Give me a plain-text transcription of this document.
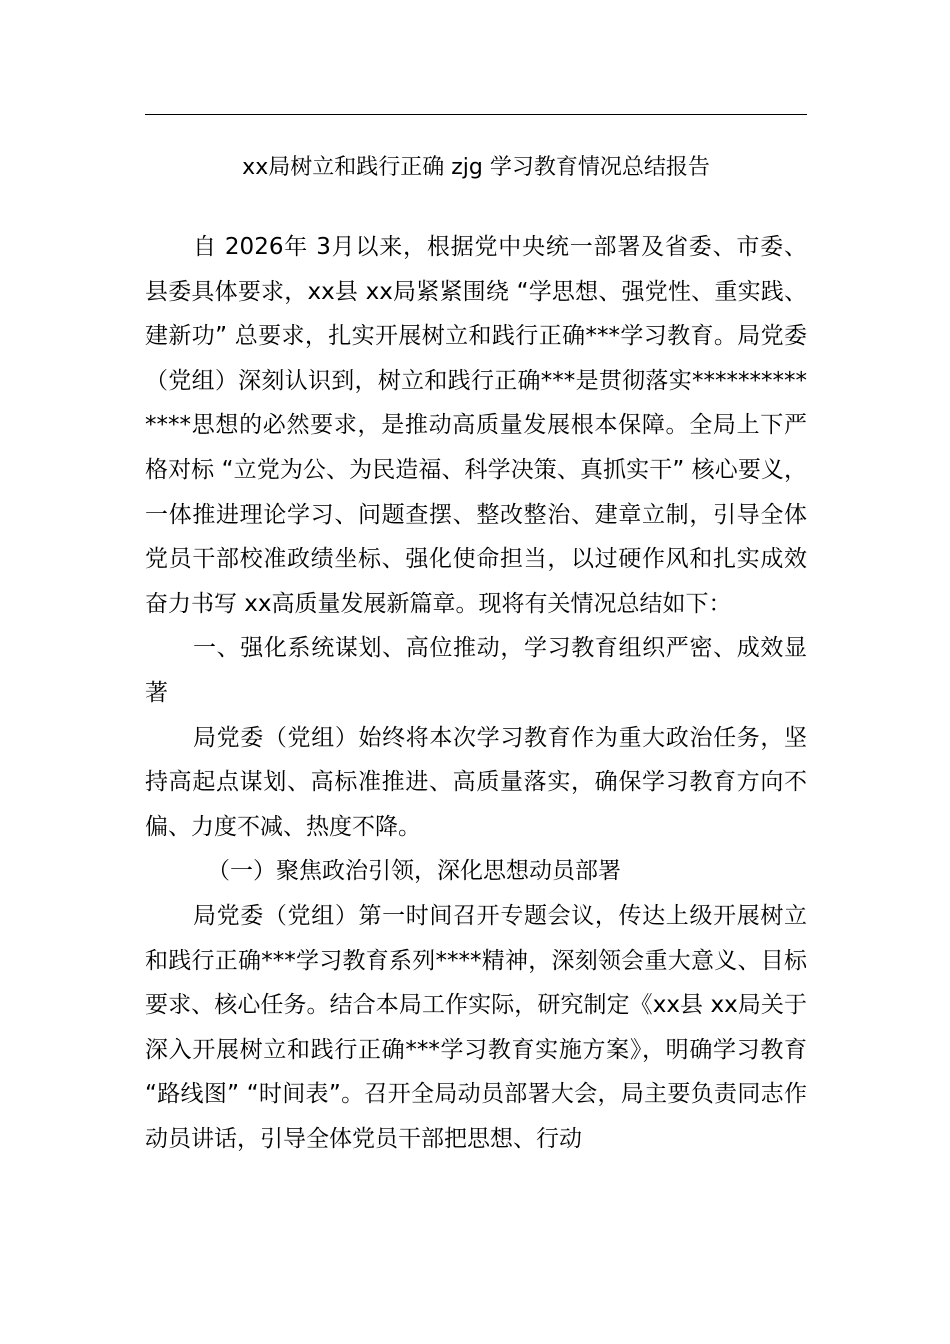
xx局树立和践行正确 zjg 学习教育情况总结报告

自 2026年 3月以来，根据党中央统一部署及省委、市委、县委具体要求，xx县 xx局紧紧围绕 “学思想、强党性、重实践、建新功” 总要求，扎实开展树立和践行正确***学习教育。局党委（党组）深刻认识到，树立和践行正确***是贯彻落实**************思想的必然要求，是推动高质量发展根本保障。全局上下严格对标 “立党为公、为民造福、科学决策、真抓实干” 核心要义，一体推进理论学习、问题查摆、整改整治、建章立制，引导全体党员干部校准政绩坐标、强化使命担当，以过硬作风和扎实成效奋力书写 xx高质量发展新篇章。现将有关情况总结如下：

一、强化系统谋划、高位推动，学习教育组织严密、成效显著

局党委（党组）始终将本次学习教育作为重大政治任务，坚持高起点谋划、高标准推进、高质量落实，确保学习教育方向不偏、力度不减、热度不降。

（一）聚焦政治引领，深化思想动员部署

局党委（党组）第一时间召开专题会议，传达上级开展树立和践行正确***学习教育系列****精神，深刻领会重大意义、目标要求、核心任务。结合本局工作实际，研究制定《xx县 xx局关于深入开展树立和践行正确***学习教育实施方案》，明确学习教育 “路线图” “时间表”。召开全局动员部署大会，局主要负责同志作动员讲话，引导全体党员干部把思想、行动
